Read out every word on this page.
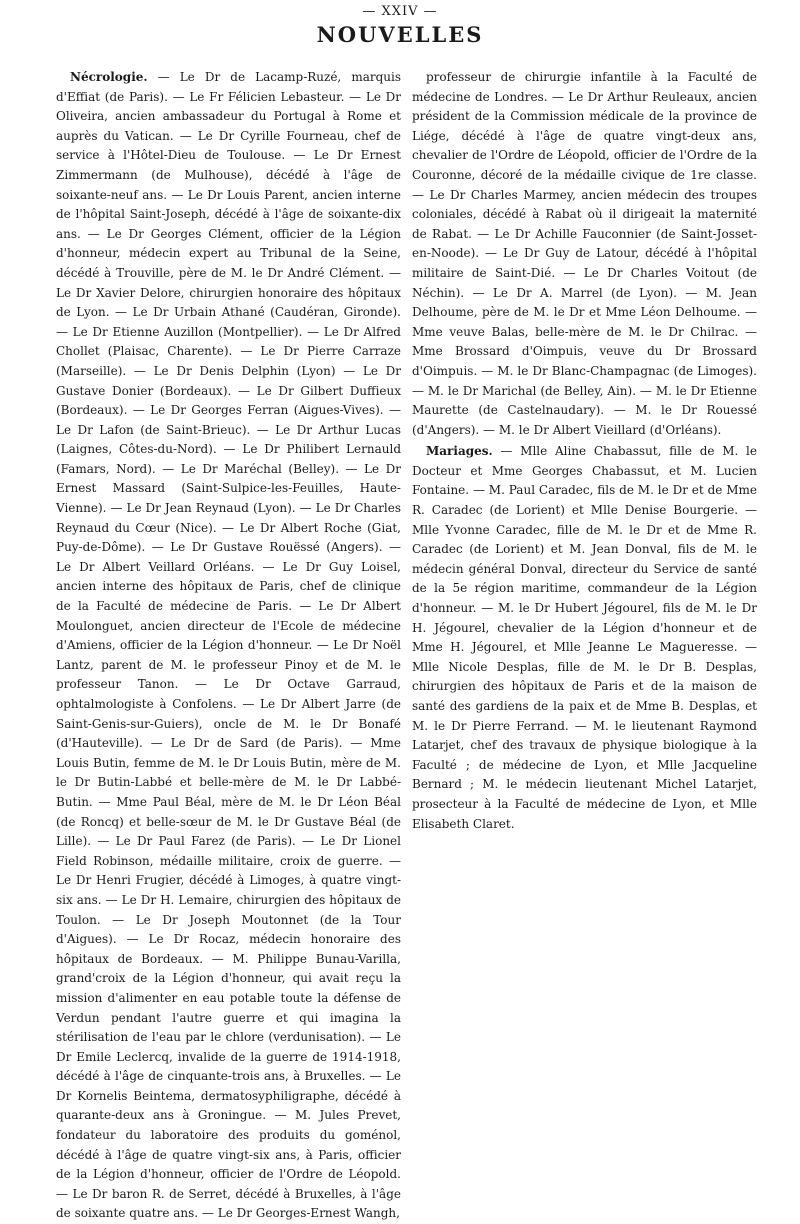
— XXIV —
NOUVELLES

Nécrologie. — Le Dr de Lacamp-Ruzé, marquis d'Effiat (de Paris). — Le Fr Félicien Lebasteur. — Le Dr Oliveira, ancien ambassadeur du Portugal à Rome et auprès du Vatican. — Le Dr Cyrille Fourneau, chef de service à l'Hôtel-Dieu de Toulouse. — Le Dr Ernest Zimmermann (de Mulhouse), décédé à l'âge de soixante-neuf ans. — Le Dr Louis Parent, ancien interne de l'hôpital Saint-Joseph, décédé à l'âge de soixante-dix ans. — Le Dr Georges Clément, officier de la Légion d'honneur, médecin expert au Tribunal de la Seine, décédé à Trouville, père de M. le Dr André Clément. — Le Dr Xavier Delore, chirurgien honoraire des hôpitaux de Lyon. — Le Dr Urbain Athané (Caudéran, Gironde). — Le Dr Etienne Auzillon (Montpellier). — Le Dr Alfred Chollet (Plaisac, Charente). — Le Dr Pierre Carraze (Marseille). — Le Dr Denis Delphin (Lyon) — Le Dr Gustave Donier (Bordeaux). — Le Dr Gilbert Duffieux (Bordeaux). — Le Dr Georges Ferran (Aigues-Vives). — Le Dr Lafon (de Saint-Brieuc). — Le Dr Arthur Lucas (Laignes, Côtes-du-Nord). — Le Dr Philibert Lernauld (Famars, Nord). — Le Dr Maréchal (Belley). — Le Dr Ernest Massard (Saint-Sulpice-les-Feuilles, Haute-Vienne). — Le Dr Jean Reynaud (Lyon). — Le Dr Charles Reynaud du Cœur (Nice). — Le Dr Albert Roche (Giat, Puy-de-Dôme). — Le Dr Gustave Rouëssé (Angers). — Le Dr Albert Veillard Orléans. — Le Dr Guy Loisel, ancien interne des hôpitaux de Paris, chef de clinique de la Faculté de médecine de Paris. — Le Dr Albert Moulonguet, ancien directeur de l'Ecole de médecine d'Amiens, officier de la Légion d'honneur. — Le Dr Noël Lantz, parent de M. le professeur Pinoy et de M. le professeur Tanon. — Le Dr Octave Garraud, ophtalmologiste à Confolens. — Le Dr Albert Jarre (de Saint-Genis-sur-Guiers), oncle de M. le Dr Bonafé (d'Hauteville). — Le Dr de Sard (de Paris). — Mme Louis Butin, femme de M. le Dr Louis Butin, mère de M. le Dr Butin-Labbé et belle-mère de M. le Dr Labbé-Butin. — Mme Paul Béal, mère de M. le Dr Léon Béal (de Roncq) et belle-sœur de M. le Dr Gustave Béal (de Lille). — Le Dr Paul Farez (de Paris). — Le Dr Lionel Field Robinson, médaille militaire, croix de guerre. — Le Dr Henri Frugier, décédé à Limoges, à quatre vingt-six ans. — Le Dr H. Lemaire, chirurgien des hôpitaux de Toulon. — Le Dr Joseph Moutonnet (de la Tour d'Aigues). — Le Dr Rocaz, médecin honoraire des hôpitaux de Bordeaux. — M. Philippe Bunau-Varilla, grand'croix de la Légion d'honneur, qui avait reçu la mission d'alimenter en eau potable toute la défense de Verdun pendant l'autre guerre et qui imagina la stérilisation de l'eau par le chlore (verdunisation). — Le Dr Emile Leclercq, invalide de la guerre de 1914-1918, décédé à l'âge de cinquante-trois ans, à Bruxelles. — Le Dr Kornelis Beintema, dermatosyphiligraphe, décédé à quarante-deux ans à Groningue. — M. Jules Prevet, fondateur du laboratoire des produits du goménol, décédé à l'âge de quatre vingt-six ans, à Paris, officier de la Légion d'honneur, officier de l'Ordre de Léopold. — Le Dr baron R. de Serret, décédé à Bruxelles, à l'âge de soixante quatre ans. — Le Dr Georges-Ernest Wangh,

professeur de chirurgie infantile à la Faculté de médecine de Londres. — Le Dr Arthur Reuleaux, ancien président de la Commission médicale de la province de Liége, décédé à l'âge de quatre vingt-deux ans, chevalier de l'Ordre de Léopold, officier de l'Ordre de la Couronne, décoré de la médaille civique de 1re classe. — Le Dr Charles Marmey, ancien médecin des troupes coloniales, décédé à Rabat où il dirigeait la maternité de Rabat. — Le Dr Achille Fauconnier (de Saint-Josset-en-Noode). — Le Dr Guy de Latour, décédé à l'hôpital militaire de Saint-Dié. — Le Dr Charles Voitout (de Néchin). — Le Dr A. Marrel (de Lyon). — M. Jean Delhoume, père de M. le Dr et Mme Léon Delhoume. — Mme veuve Balas, belle-mère de M. le Dr Chilrac. — Mme Brossard d'Oimpuis, veuve du Dr Brossard d'Oimpuis. — M. le Dr Blanc-Champagnac (de Limoges). — M. le Dr Marichal (de Belley, Ain). — M. le Dr Etienne Maurette (de Castelnaudary). — M. le Dr Rouessé (d'Angers). — M. le Dr Albert Vieillard (d'Orléans).

Mariages. — Mlle Aline Chabassut, fille de M. le Docteur et Mme Georges Chabassut, et M. Lucien Fontaine. — M. Paul Caradec, fils de M. le Dr et de Mme R. Caradec (de Lorient) et Mlle Denise Bourgerie. — Mlle Yvonne Caradec, fille de M. le Dr et de Mme R. Caradec (de Lorient) et M. Jean Donval, fils de M. le médecin général Donval, directeur du Service de santé de la 5e région maritime, commandeur de la Légion d'honneur. — M. le Dr Hubert Jégourel, fils de M. le Dr H. Jégourel, chevalier de la Légion d'honneur et de Mme H. Jégourel, et Mlle Jeanne Le Magueresse. — Mlle Nicole Desplas, fille de M. le Dr B. Desplas, chirurgien des hôpitaux de Paris et de la maison de santé des gardiens de la paix et de Mme B. Desplas, et M. le Dr Pierre Ferrand. — M. le lieutenant Raymond Latarjet, chef des travaux de physique biologique à la Faculté ; de médecine de Lyon, et Mlle Jacqueline Bernard ; M. le médecin lieutenant Michel Latarjet, prosecteur à la Faculté de médecine de Lyon, et Mlle Elisabeth Claret.
